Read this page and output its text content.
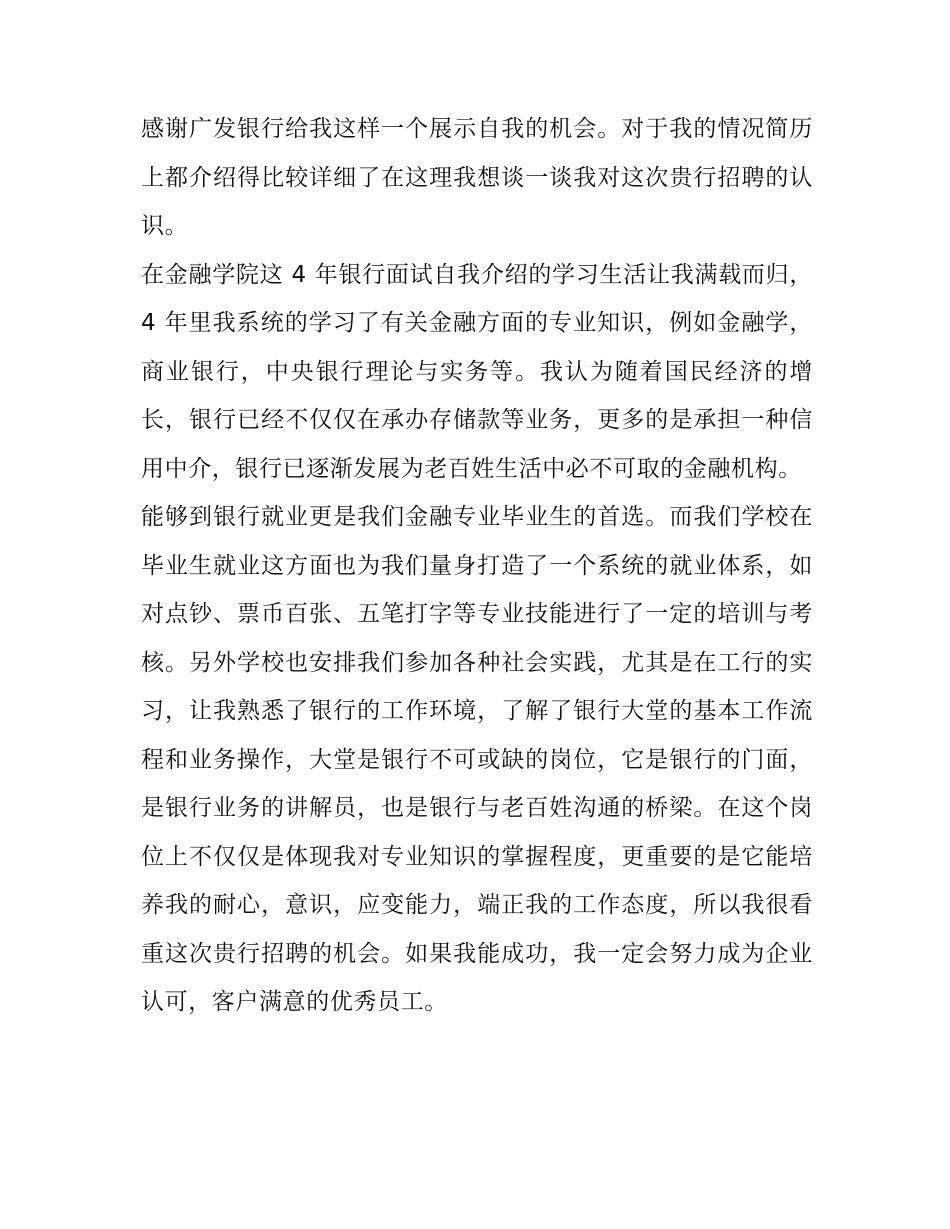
感谢广发银行给我这样一个展示自我的机会。对于我的情况简历上都介绍得比较详细了在这理我想谈一谈我对这次贵行招聘的认识。

在金融学院这 4 年银行面试自我介绍的学习生活让我满载而归，4 年里我系统的学习了有关金融方面的专业知识，例如金融学，商业银行，中央银行理论与实务等。我认为随着国民经济的增长，银行已经不仅仅在承办存储款等业务，更多的是承担一种信用中介，银行已逐渐发展为老百姓生活中必不可取的金融机构。

能够到银行就业更是我们金融专业毕业生的首选。而我们学校在毕业生就业这方面也为我们量身打造了一个系统的就业体系，如对点钞、票币百张、五笔打字等专业技能进行了一定的培训与考核。另外学校也安排我们参加各种社会实践，尤其是在工行的实习，让我熟悉了银行的工作环境，了解了银行大堂的基本工作流程和业务操作，大堂是银行不可或缺的岗位，它是银行的门面，是银行业务的讲解员，也是银行与老百姓沟通的桥梁。在这个岗位上不仅仅是体现我对专业知识的掌握程度，更重要的是它能培养我的耐心，意识，应变能力，端正我的工作态度，所以我很看重这次贵行招聘的机会。如果我能成功，我一定会努力成为企业认可，客户满意的优秀员工。
